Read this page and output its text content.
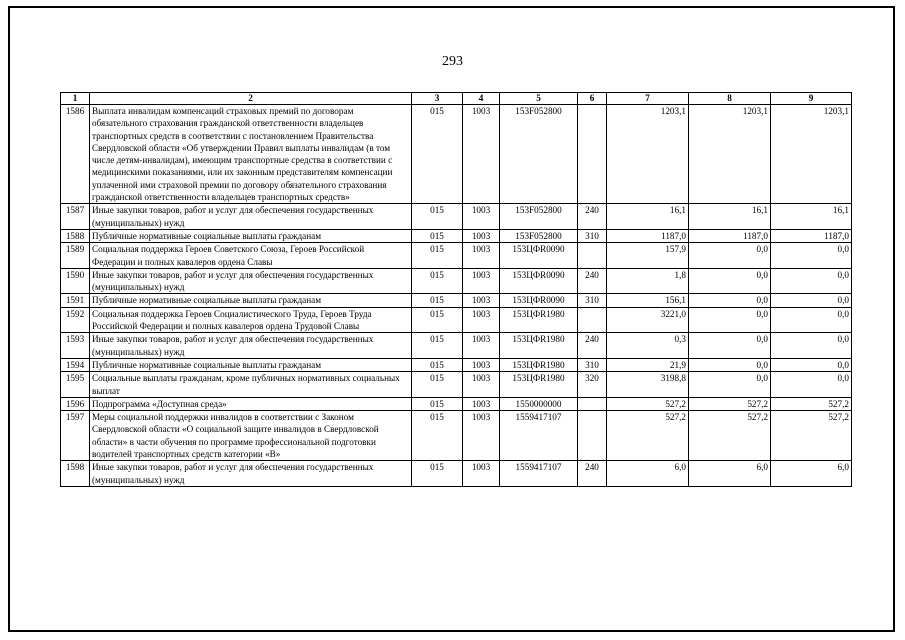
293
1	2	3	4	5	6	7	8	9
1586	Выплата инвалидам компенсаций страховых премий по договорам обязательного страхования гражданской ответственности владельцев транспортных средств в соответствии с постановлением Правительства Свердловской области «Об утверждении Правил выплаты инвалидам (в том числе детям-инвалидам), имеющим транспортные средства в соответствии с медицинскими показаниями, или их законным представителям компенсации уплаченной ими страховой премии по договору обязательного страхования гражданской ответственности владельцев транспортных средств»	015	1003	153F052800		1203,1	1203,1	1203,1
1587	Иные закупки товаров, работ и услуг для обеспечения государственных (муниципальных) нужд	015	1003	153F052800	240	16,1	16,1	16,1
1588	Публичные нормативные социальные выплаты гражданам	015	1003	153F052800	310	1187,0	1187,0	1187,0
1589	Социальная поддержка Героев Советского Союза, Героев Российской Федерации и полных кавалеров ордена Славы	015	1003	153ЦФR0090		157,9	0,0	0,0
1590	Иные закупки товаров, работ и услуг для обеспечения государственных (муниципальных) нужд	015	1003	153ЦФR0090	240	1,8	0,0	0,0
1591	Публичные нормативные социальные выплаты гражданам	015	1003	153ЦФR0090	310	156,1	0,0	0,0
1592	Социальная поддержка Героев Социалистического Труда, Героев Труда Российской Федерации и полных кавалеров ордена Трудовой Славы	015	1003	153ЦФR1980		3221,0	0,0	0,0
1593	Иные закупки товаров, работ и услуг для обеспечения государственных (муниципальных) нужд	015	1003	153ЦФR1980	240	0,3	0,0	0,0
1594	Публичные нормативные социальные выплаты гражданам	015	1003	153ЦФR1980	310	21,9	0,0	0,0
1595	Социальные выплаты гражданам, кроме публичных нормативных социальных выплат	015	1003	153ЦФR1980	320	3198,8	0,0	0,0
1596	Подпрограмма «Доступная среда»	015	1003	1550000000		527,2	527,2	527,2
1597	Меры социальной поддержки инвалидов в соответствии с Законом Свердловской области «О социальной защите инвалидов в Свердловской области» в части обучения по программе профессиональной подготовки водителей транспортных средств категории «В»	015	1003	1559417107		527,2	527,2	527,2
1598	Иные закупки товаров, работ и услуг для обеспечения государственных (муниципальных) нужд	015	1003	1559417107	240	6,0	6,0	6,0
